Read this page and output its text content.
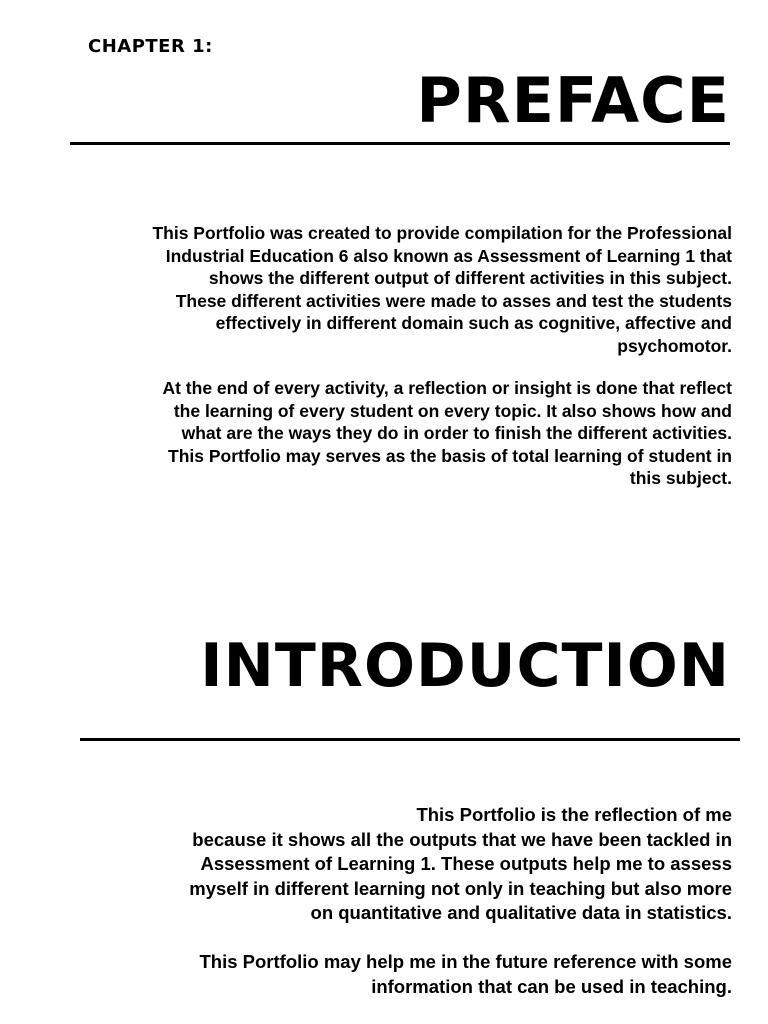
CHAPTER 1:
PREFACE

This Portfolio was created to provide compilation for the Professional
Industrial Education 6 also known as Assessment of Learning 1 that
shows the different output of different activities in this subject.
These different activities were made to asses and test the students
effectively in different domain such as cognitive, affective and
psychomotor.

At the end of every activity, a reflection or insight is done that reflect
the learning of every student on every topic. It also shows how and
what are the ways they do in order to finish the different activities.
This Portfolio may serves as the basis of total learning of student in
this subject.

INTRODUCTION

This Portfolio is the reflection of me
because it shows all the outputs that we have been tackled in
Assessment of Learning 1. These outputs help me to assess
myself in different learning not only in teaching but also more
on quantitative and qualitative data in statistics.

This Portfolio may help me in the future reference with some
information that can be used in teaching.
